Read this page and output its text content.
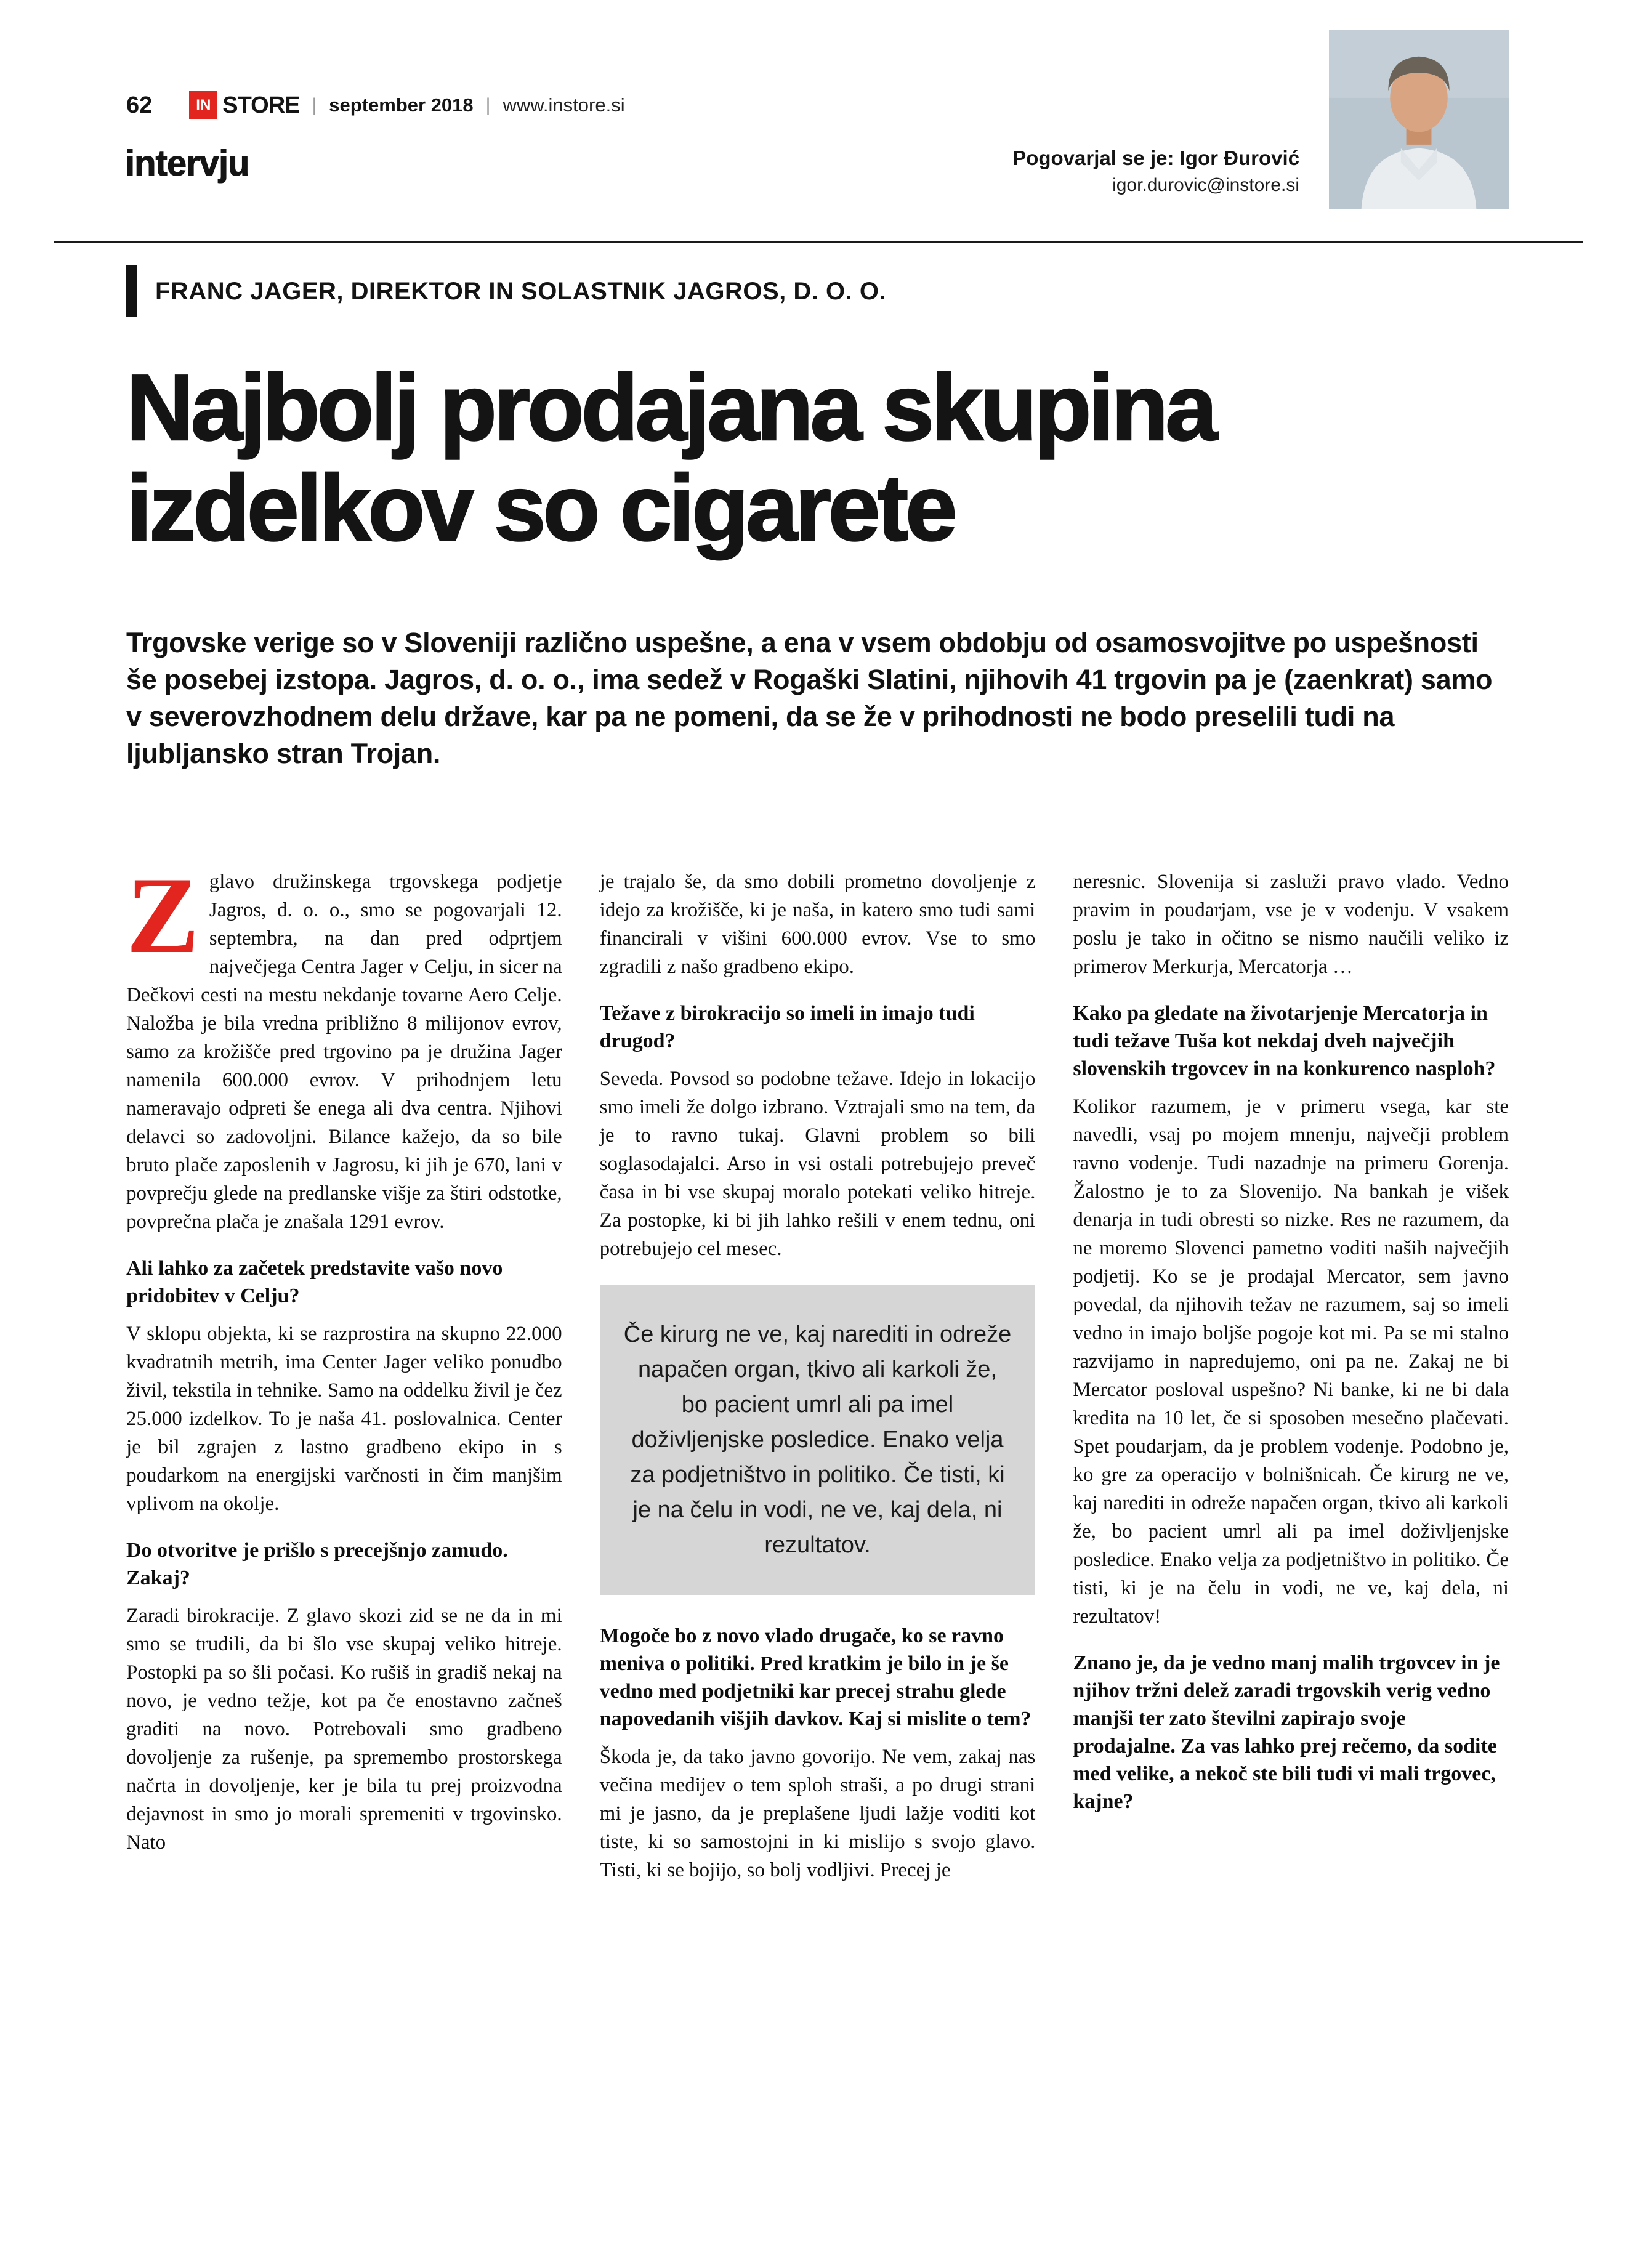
62	IN STORE | september 2018 | www.instore.si
intervju	Pogovarjal se je: Igor Đurović
igor.durovic@instore.si
FRANC JAGER, DIREKTOR IN SOLASTNIK JAGROS, D. O. O.
Najbolj prodajana skupina izdelkov so cigarete

Trgovske verige so v Sloveniji različno uspešne, a ena v vsem obdobju od osamosvojitve po uspešnosti še posebej izstopa. Jagros, d. o. o., ima sedež v Rogaški Slatini, njihovih 41 trgovin pa je (zaenkrat) samo v severovzhodnem delu države, kar pa ne pomeni, da se že v prihodnosti ne bodo preselili tudi na ljubljansko stran Trojan.

Zglavo družinskega trgovskega podjetje Jagros, d. o. o., smo se pogovarjali 12. septembra, na dan pred odprtjem največjega Centra Jager v Celju, in sicer na Dečkovi cesti na mestu nekdanje tovarne Aero Celje. Naložba je bila vredna približno 8 milijonov evrov, samo za krožišče pred trgovino pa je družina Jager namenila 600.000 evrov. V prihodnjem letu nameravajo odpreti še enega ali dva centra. Njihovi delavci so zadovoljni. Bilance kažejo, da so bile bruto plače zaposlenih v Jagrosu, ki jih je 670, lani v povprečju glede na predlanske višje za štiri odstotke, povprečna plača je znašala 1291 evrov.

Ali lahko za začetek predstavite vašo novo pridobitev v Celju?

V sklopu objekta, ki se razprostira na skupno 22.000 kvadratnih metrih, ima Center Jager veliko ponudbo živil, tekstila in tehnike. Samo na oddelku živil je čez 25.000 izdelkov. To je naša 41. poslovalnica. Center je bil zgrajen z lastno gradbeno ekipo in s poudarkom na energijski varčnosti in čim manjšim vplivom na okolje.

Do otvoritve je prišlo s precejšnjo zamudo. Zakaj?

Zaradi birokracije. Z glavo skozi zid se ne da in mi smo se trudili, da bi šlo vse skupaj veliko hitreje. Postopki pa so šli počasi. Ko rušiš in gradiš nekaj na novo, je vedno težje, kot pa če enostavno začneš graditi na novo. Potrebovali smo gradbeno dovoljenje za rušenje, pa spremembo prostorskega načrta in dovoljenje, ker je bila tu prej proizvodna dejavnost in smo jo morali spremeniti v trgovinsko. Nato

je trajalo še, da smo dobili prometno dovoljenje z idejo za krožišče, ki je naša, in katero smo tudi sami financirali v višini 600.000 evrov. Vse to smo zgradili z našo gradbeno ekipo.

Težave z birokracijo so imeli in imajo tudi drugod?

Seveda. Povsod so podobne težave. Idejo in lokacijo smo imeli že dolgo izbrano. Vztrajali smo na tem, da je to ravno tukaj. Glavni problem so bili soglasodajalci. Arso in vsi ostali potrebujejo preveč časa in bi vse skupaj moralo potekati veliko hitreje. Za postopke, ki bi jih lahko rešili v enem tednu, oni potrebujejo cel mesec.

Če kirurg ne ve, kaj narediti in odreže napačen organ, tkivo ali karkoli že, bo pacient umrl ali pa imel doživljenjske posledice. Enako velja za podjetništvo in politiko. Če tisti, ki je na čelu in vodi, ne ve, kaj dela, ni rezultatov.
Mogoče bo z novo vlado drugače, ko se ravno meniva o politiki. Pred kratkim je bilo in je še vedno med podjetniki kar precej strahu glede napovedanih višjih davkov. Kaj si mislite o tem?

Škoda je, da tako javno govorijo. Ne vem, zakaj nas večina medijev o tem sploh straši, a po drugi strani mi je jasno, da je preplašene ljudi lažje voditi kot tiste, ki so samostojni in ki mislijo s svojo glavo. Tisti, ki se bojijo, so bolj vodljivi. Precej je

neresnic. Slovenija si zasluži pravo vlado. Vedno pravim in poudarjam, vse je v vodenju. V vsakem poslu je tako in očitno se nismo naučili veliko iz primerov Merkurja, Mercatorja …

Kako pa gledate na životarjenje Mercatorja in tudi težave Tuša kot nekdaj dveh največjih slovenskih trgovcev in na konkurenco nasploh?

Kolikor razumem, je v primeru vsega, kar ste navedli, vsaj po mojem mnenju, največji problem ravno vodenje. Tudi nazadnje na primeru Gorenja. Žalostno je to za Slovenijo. Na bankah je višek denarja in tudi obresti so nizke. Res ne razumem, da ne moremo Slovenci pametno voditi naših največjih podjetij. Ko se je prodajal Mercator, sem javno povedal, da njihovih težav ne razumem, saj so imeli vedno in imajo boljše pogoje kot mi. Pa se mi stalno razvijamo in napredujemo, oni pa ne. Zakaj ne bi Mercator posloval uspešno? Ni banke, ki ne bi dala kredita na 10 let, če si sposoben mesečno plačevati. Spet poudarjam, da je problem vodenje. Podobno je, ko gre za operacijo v bolnišnicah. Če kirurg ne ve, kaj narediti in odreže napačen organ, tkivo ali karkoli že, bo pacient umrl ali pa imel doživljenjske posledice. Enako velja za podjetništvo in politiko. Če tisti, ki je na čelu in vodi, ne ve, kaj dela, ni rezultatov!

Znano je, da je vedno manj malih trgovcev in je njihov tržni delež zaradi trgovskih verig vedno manjši ter zato številni zapirajo svoje prodajalne. Za vas lahko prej rečemo, da sodite med velike, a nekoč ste bili tudi vi mali trgovec, kajne?
